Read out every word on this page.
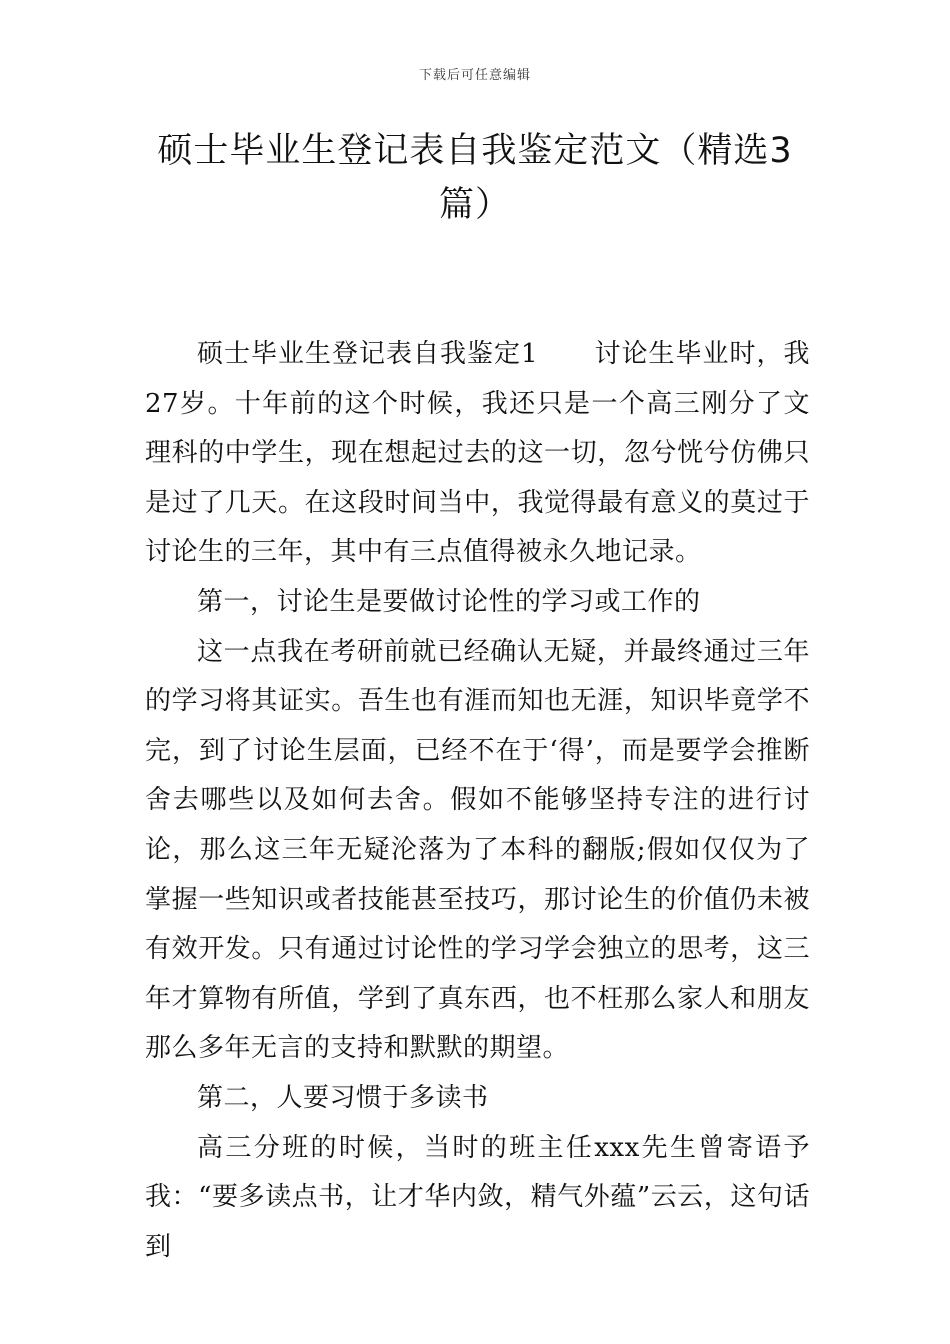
下载后可任意编辑
硕士毕业生登记表自我鉴定范文（精选3篇）

硕士毕业生登记表自我鉴定1 讨论生毕业时，我27岁。十年前的这个时候，我还只是一个高三刚分了文理科的中学生，现在想起过去的这一切，忽兮恍兮仿佛只是过了几天。在这段时间当中，我觉得最有意义的莫过于讨论生的三年，其中有三点值得被永久地记录。

第一，讨论生是要做讨论性的学习或工作的

这一点我在考研前就已经确认无疑，并最终通过三年的学习将其证实。吾生也有涯而知也无涯，知识毕竟学不完，到了讨论生层面，已经不在于‘得’，而是要学会推断舍去哪些以及如何去舍。假如不能够坚持专注的进行讨论，那么这三年无疑沦落为了本科的翻版;假如仅仅为了掌握一些知识或者技能甚至技巧，那讨论生的价值仍未被有效开发。只有通过讨论性的学习学会独立的思考，这三年才算物有所值，学到了真东西，也不枉那么家人和朋友那么多年无言的支持和默默的期望。

第二，人要习惯于多读书

高三分班的时候，当时的班主任xxx先生曾寄语予我：“要多读点书，让才华内敛，精气外蕴”云云，这句话到
